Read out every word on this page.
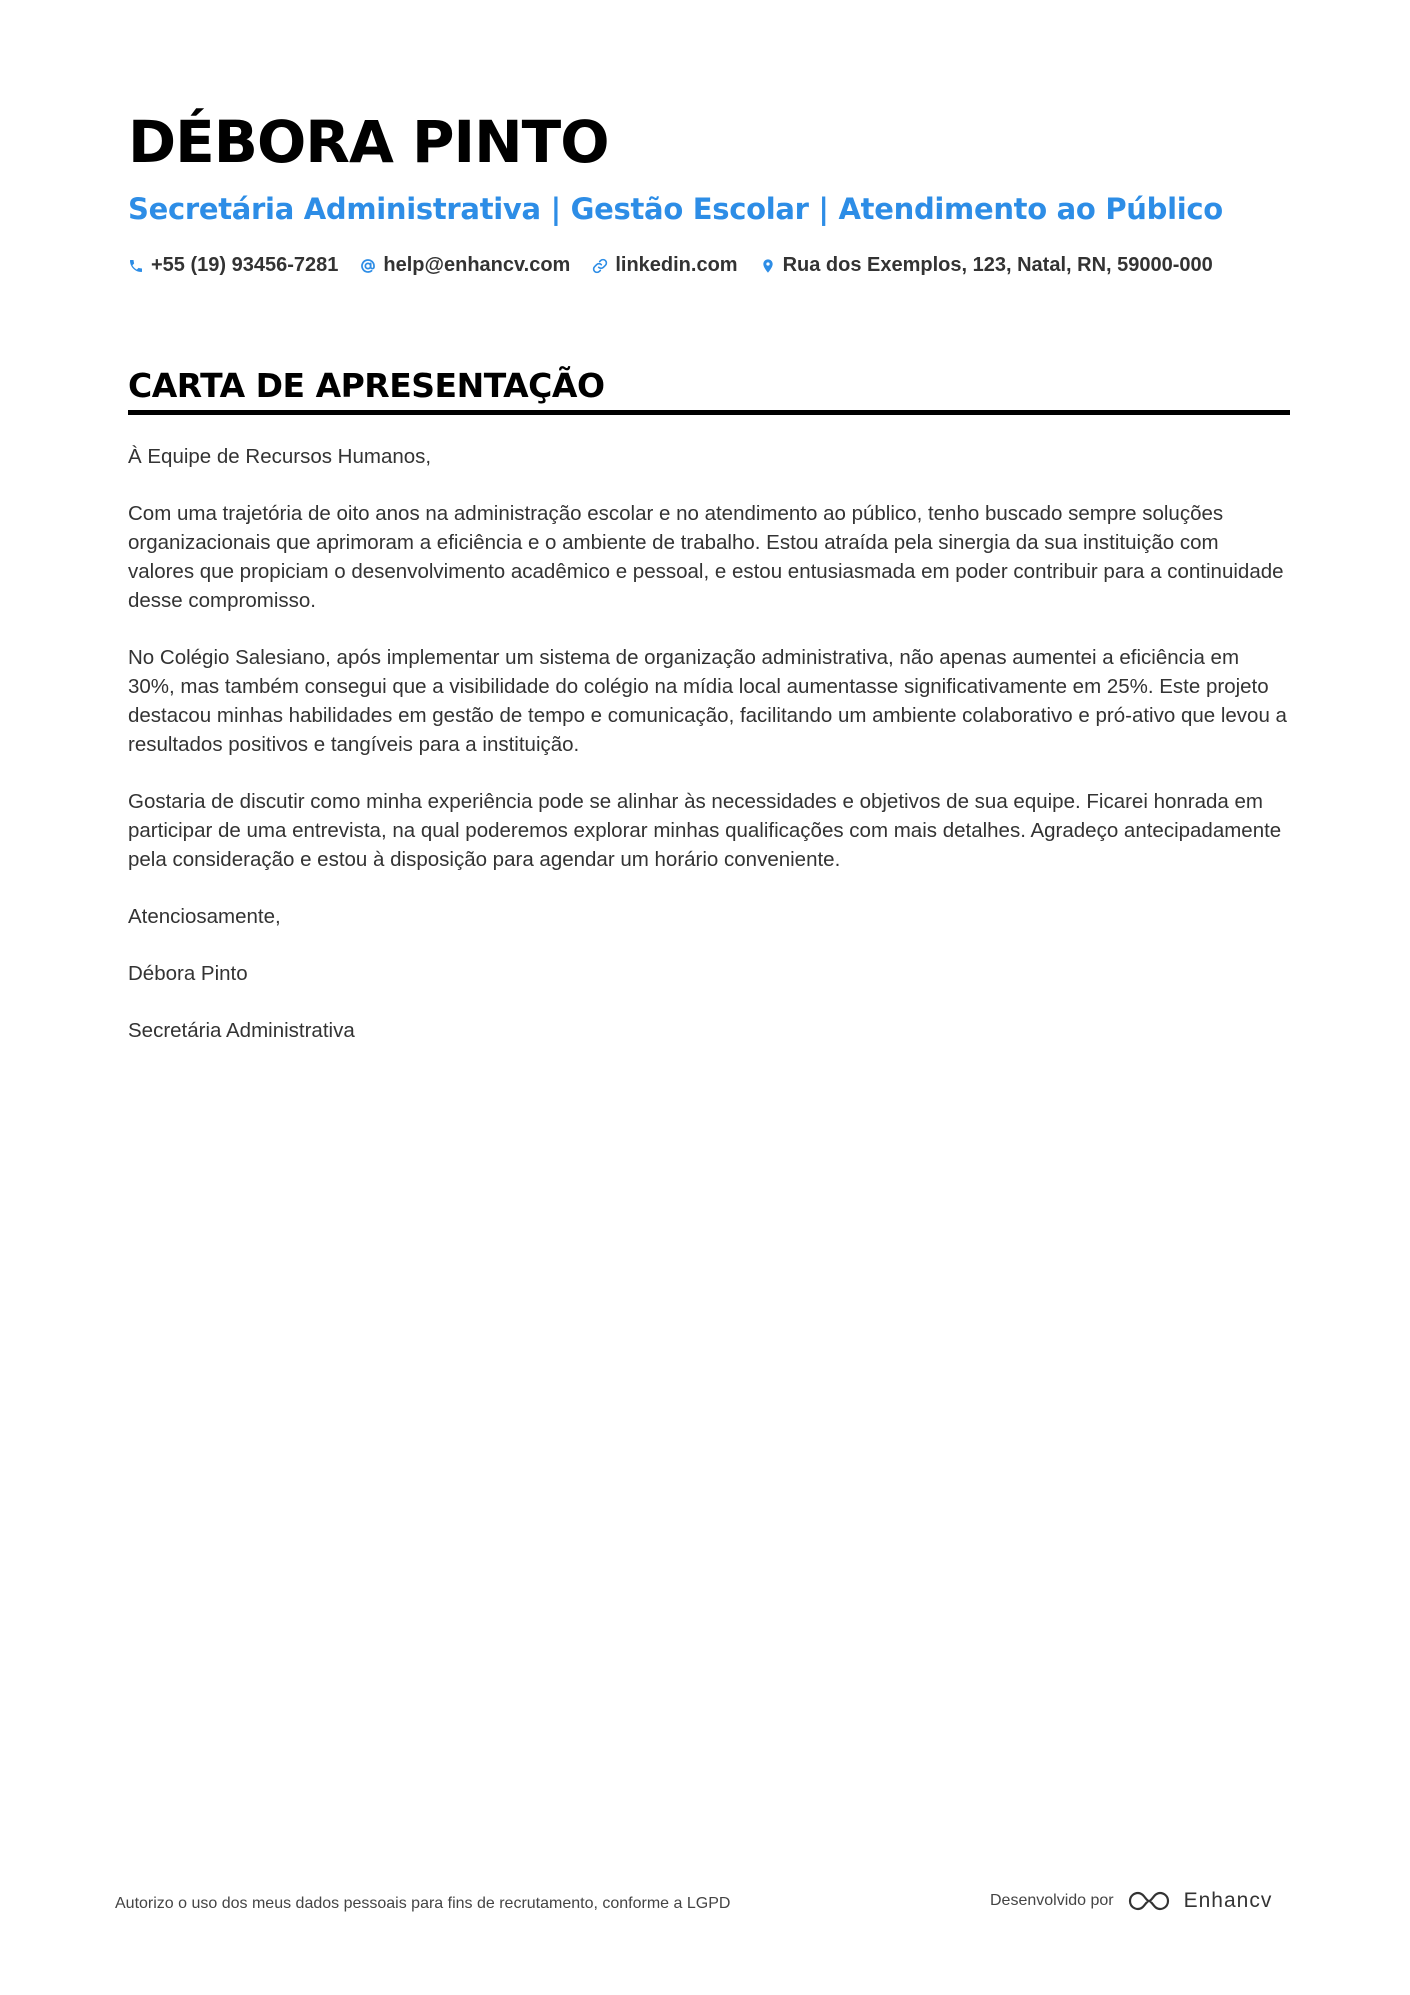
DÉBORA PINTO
Secretária Administrativa | Gestão Escolar | Atendimento ao Público
+55 (19) 93456-7281 help@enhancv.com linkedin.com Rua dos Exemplos, 123, Natal, RN, 59000-000
CARTA DE APRESENTAÇÃO

À Equipe de Recursos Humanos,

Com uma trajetória de oito anos na administração escolar e no atendimento ao público, tenho buscado sempre soluções organizacionais que aprimoram a eficiência e o ambiente de trabalho. Estou atraída pela sinergia da sua instituição com valores que propiciam o desenvolvimento acadêmico e pessoal, e estou entusiasmada em poder contribuir para a continuidade desse compromisso.

No Colégio Salesiano, após implementar um sistema de organização administrativa, não apenas aumentei a eficiência em 30%, mas também consegui que a visibilidade do colégio na mídia local aumentasse significativamente em 25%. Este projeto destacou minhas habilidades em gestão de tempo e comunicação, facilitando um ambiente colaborativo e pró-ativo que levou a resultados positivos e tangíveis para a instituição.

Gostaria de discutir como minha experiência pode se alinhar às necessidades e objetivos de sua equipe. Ficarei honrada em participar de uma entrevista, na qual poderemos explorar minhas qualificações com mais detalhes. Agradeço antecipadamente pela consideração e estou à disposição para agendar um horário conveniente.

Atenciosamente,

Débora Pinto

Secretária Administrativa

Autorizo o uso dos meus dados pessoais para fins de recrutamento, conforme a LGPD	Desenvolvido por	Enhancv
